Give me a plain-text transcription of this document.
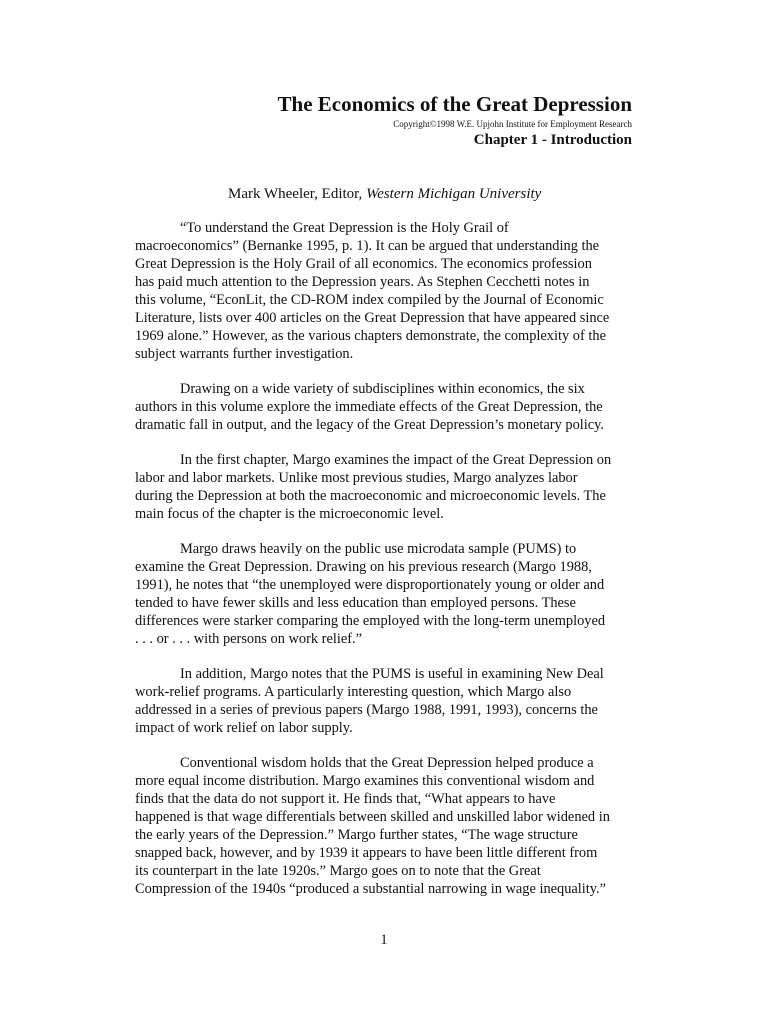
The Economics of the Great Depression

Copyright©1998 W.E. Upjohn Institute for Employment Research

Chapter 1 - Introduction

Mark Wheeler, Editor, Western Michigan University

“To understand the Great Depression is the Holy Grail of
macroeconomics” (Bernanke 1995, p. 1). It can be argued that understanding the
Great Depression is the Holy Grail of all economics. The economics profession
has paid much attention to the Depression years. As Stephen Cecchetti notes in
this volume, “EconLit, the CD-ROM index compiled by the Journal of Economic
Literature, lists over 400 articles on the Great Depression that have appeared since
1969 alone.” However, as the various chapters demonstrate, the complexity of the
subject warrants further investigation.

Drawing on a wide variety of subdisciplines within economics, the six
authors in this volume explore the immediate effects of the Great Depression, the
dramatic fall in output, and the legacy of the Great Depression’s monetary policy.

In the first chapter, Margo examines the impact of the Great Depression on
labor and labor markets. Unlike most previous studies, Margo analyzes labor
during the Depression at both the macroeconomic and microeconomic levels. The
main focus of the chapter is the microeconomic level.

Margo draws heavily on the public use microdata sample (PUMS) to
examine the Great Depression. Drawing on his previous research (Margo 1988,
1991), he notes that “the unemployed were disproportionately young or older and
tended to have fewer skills and less education than employed persons. These
differences were starker comparing the employed with the long-term unemployed
. . . or . . . with persons on work relief.”

In addition, Margo notes that the PUMS is useful in examining New Deal
work-relief programs. A particularly interesting question, which Margo also
addressed in a series of previous papers (Margo 1988, 1991, 1993), concerns the
impact of work relief on labor supply.

Conventional wisdom holds that the Great Depression helped produce a
more equal income distribution. Margo examines this conventional wisdom and
finds that the data do not support it. He finds that, “What appears to have
happened is that wage differentials between skilled and unskilled labor widened in
the early years of the Depression.” Margo further states, “The wage structure
snapped back, however, and by 1939 it appears to have been little different from
its counterpart in the late 1920s.” Margo goes on to note that the Great
Compression of the 1940s “produced a substantial narrowing in wage inequality.”

1
